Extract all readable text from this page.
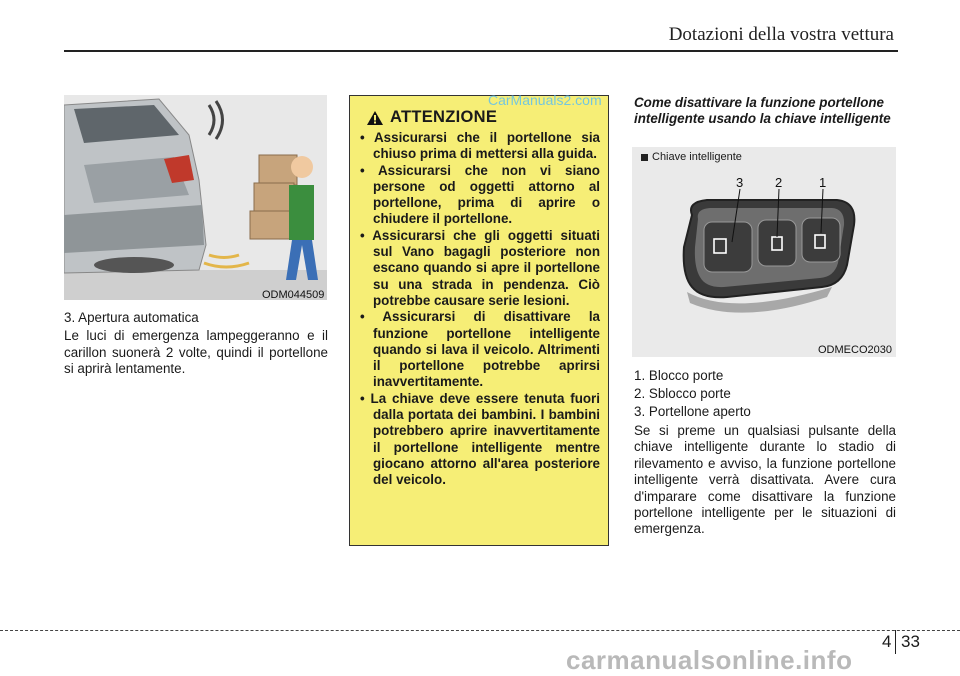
Dotazioni della vostra vettura
ODM044509

3. Apertura automatica

Le luci di emergenza lampeggeranno e il carillon suonerà 2 volte, quindi il portellone si aprirà lentamente.

ATTENZIONE
• Assicurarsi che il portellone sia chiuso prima di mettersi alla guida.
• Assicurarsi che non vi siano persone od oggetti attorno al portellone, prima di aprire o chiudere il portellone.
• Assicurarsi che gli oggetti situati sul Vano bagagli posteriore non escano quando si apre il portellone su una strada in pendenza. Ciò potrebbe causare serie lesioni.
• Assicurarsi di disattivare la funzione portellone intelligente quando si lava il veicolo. Altrimenti il portellone potrebbe aprirsi inavvertitamente.
• La chiave deve essere tenuta fuori dalla portata dei bambini. I bambini potrebbero aprire inavvertitamente il portellone intelligente mentre giocano attorno all'area posteriore del veicolo.
CarManuals2.com Come disattivare la funzione portellone intelligente usando la chiave intelligente
Chiave intelligente
3 2	1
ODMECO2030
1. Blocco porte
2. Sblocco porte
3. Portellone aperto
Se si preme un qualsiasi pulsante della chiave intelligente durante lo stadio di rilevamento e avviso, la funzione portellone intelligente verrà disattivata. Avere cura d'imparare come disattivare la funzione portellone intelligente per le situazioni di emergenza.
4 33
carmanualsonline.info
